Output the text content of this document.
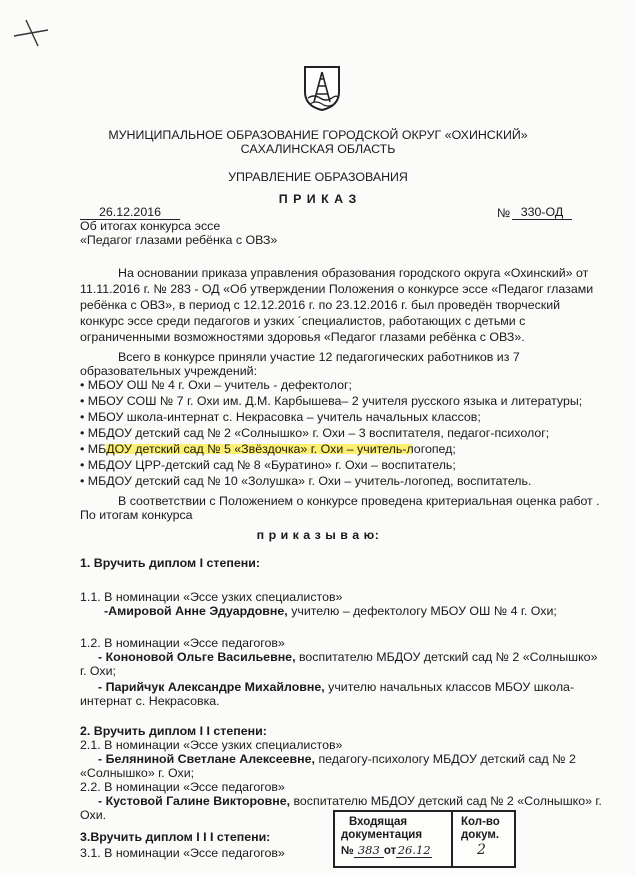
МУНИЦИПАЛЬНОЕ ОБРАЗОВАНИЕ ГОРОДСКОЙ ОКРУГ «ОХИНСКИЙ»
САХАЛИНСКАЯ ОБЛАСТЬ
УПРАВЛЕНИЕ ОБРАЗОВАНИЯ
П Р И К А З
26.12.2016	№ 330-ОД
Об итогах конкурса эссе
«Педагог глазами ребёнка с ОВЗ»
На основании приказа управления образования городского округа «Охинский» от
11.11.2016 г. № 283 - ОД «Об утверждении Положения о конкурсе эссе «Педагог глазами
ребёнка с ОВЗ», в период с 12.12.2016 г. по 23.12.2016 г. был проведён творческий
конкурс эссе среди педагогов и узких ´специалистов, работающих с детьми с
ограниченными возможностями здоровья «Педагог глазами ребёнка с ОВЗ».
Всего в конкурсе приняли участие 12 педагогических работников из 7
образовательных учреждений:
• МБОУ ОШ № 4 г. Охи – учитель - дефектолог;
• МБОУ СОШ № 7 г. Охи им. Д.М. Карбышева– 2 учителя русского языка и литературы;
• МБОУ школа-интернат с. Некрасовка – учитель начальных классов;
• МБДОУ детский сад № 2 «Солнышко» г. Охи – 3 воспитателя, педагог-психолог;
• МБДОУ детский сад № 5 «Звёздочка» г. Охи – учитель-логопед;
• МБДОУ ЦРР-детский сад № 8 «Буратино» г. Охи – воспитатель;
• МБДОУ детский сад № 10 «Золушка» г. Охи – учитель-логопед, воспитатель.
В соответствии с Положением о конкурсе проведена критериальная оценка работ .
По итогам конкурса
п р и к а з ы в а ю:
1. Вручить диплом I степени:
1.1. В номинации «Эссе узких специалистов»
-Амировой Анне Эдуардовне, учителю – дефектологу МБОУ ОШ № 4 г. Охи;
1.2. В номинации «Эссе педагогов»
- Кононовой Ольге Васильевне, воспитателю МБДОУ детский сад № 2 «Солнышко»
г. Охи;
- Парийчук Александре Михайловне, учителю начальных классов МБОУ школа-
интернат с. Некрасовка.
2. Вручить диплом I I степени:
2.1. В номинации «Эссе узких специалистов»
- Беляниной Светлане Алексеевне, педагогу-психологу МБДОУ детский сад № 2
«Солнышко» г. Охи;
2.2. В номинации «Эссе педагогов»
- Кустовой Галине Викторовне, воспитателю МБДОУ детский сад № 2 «Солнышко» г.
Охи.
3.Вручить диплом I I I степени:
3.1. В номинации «Эссе педагогов»
Входящая
документация
№ 383 от 26.12
Кол-во
докум.
2
